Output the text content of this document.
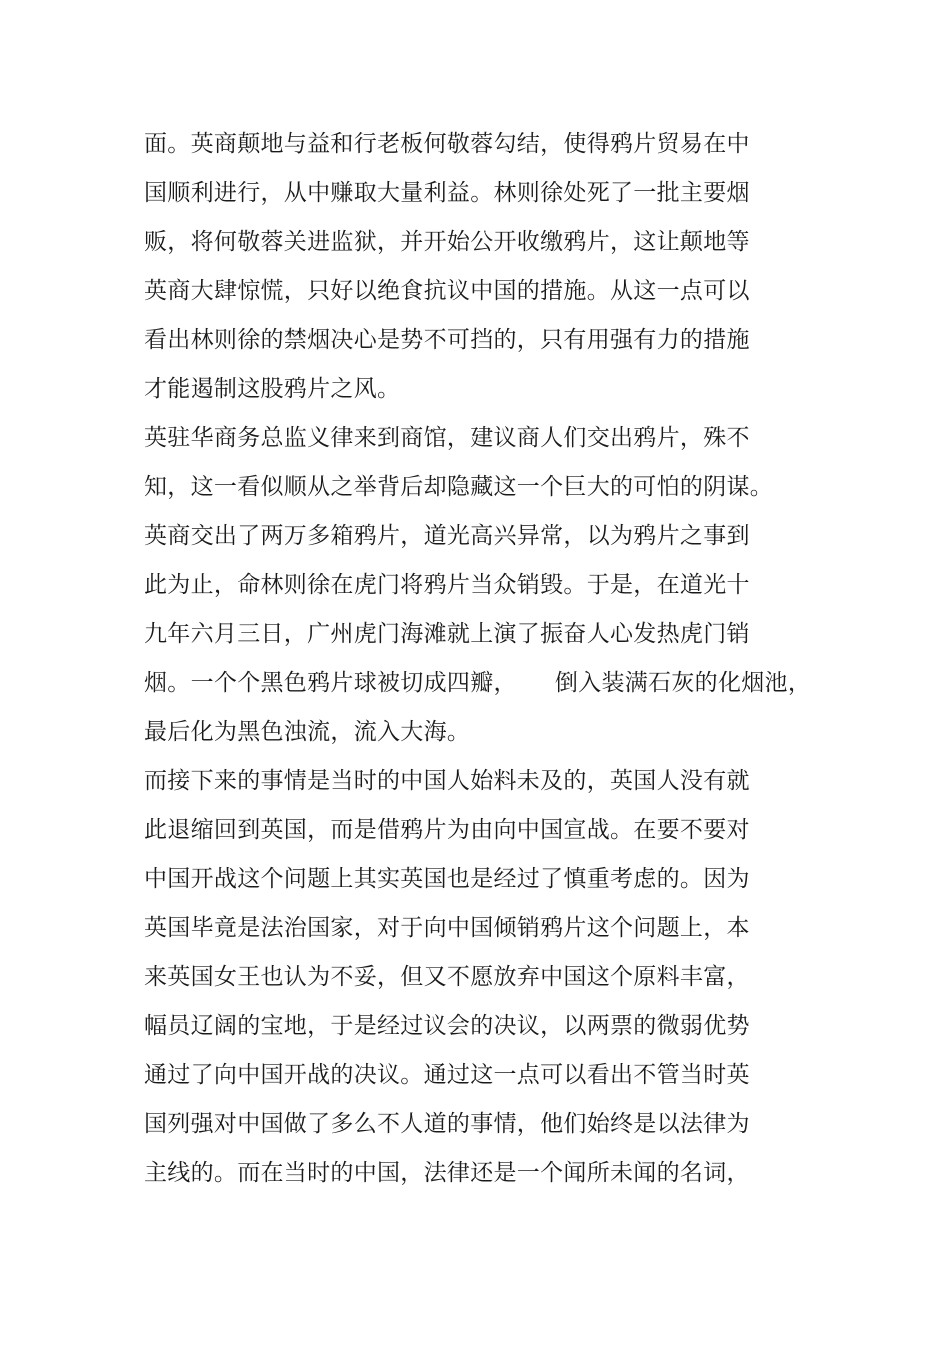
面。英商颠地与益和行老板何敬蓉勾结，使得鸦片贸易在中
国顺利进行，从中赚取大量利益。林则徐处死了一批主要烟
贩，将何敬蓉关进监狱，并开始公开收缴鸦片，这让颠地等
英商大肆惊慌，只好以绝食抗议中国的措施。从这一点可以
看出林则徐的禁烟决心是势不可挡的，只有用强有力的措施
才能遏制这股鸦片之风。
英驻华商务总监义律来到商馆，建议商人们交出鸦片，殊不
知，这一看似顺从之举背后却隐藏这一个巨大的可怕的阴谋。
英商交出了两万多箱鸦片，道光高兴异常，以为鸦片之事到
此为止，命林则徐在虎门将鸦片当众销毁。于是，在道光十
九年六月三日，广州虎门海滩就上演了振奋人心发热虎门销
烟。一个个黑色鸦片球被切成四瓣，     倒入装满石灰的化烟池，
最后化为黑色浊流，流入大海。
而接下来的事情是当时的中国人始料未及的，英国人没有就
此退缩回到英国，而是借鸦片为由向中国宣战。在要不要对
中国开战这个问题上其实英国也是经过了慎重考虑的。因为
英国毕竟是法治国家，对于向中国倾销鸦片这个问题上，本
来英国女王也认为不妥，但又不愿放弃中国这个原料丰富，
幅员辽阔的宝地，于是经过议会的决议，以两票的微弱优势
通过了向中国开战的决议。通过这一点可以看出不管当时英
国列强对中国做了多么不人道的事情，他们始终是以法律为
主线的。而在当时的中国，法律还是一个闻所未闻的名词，
